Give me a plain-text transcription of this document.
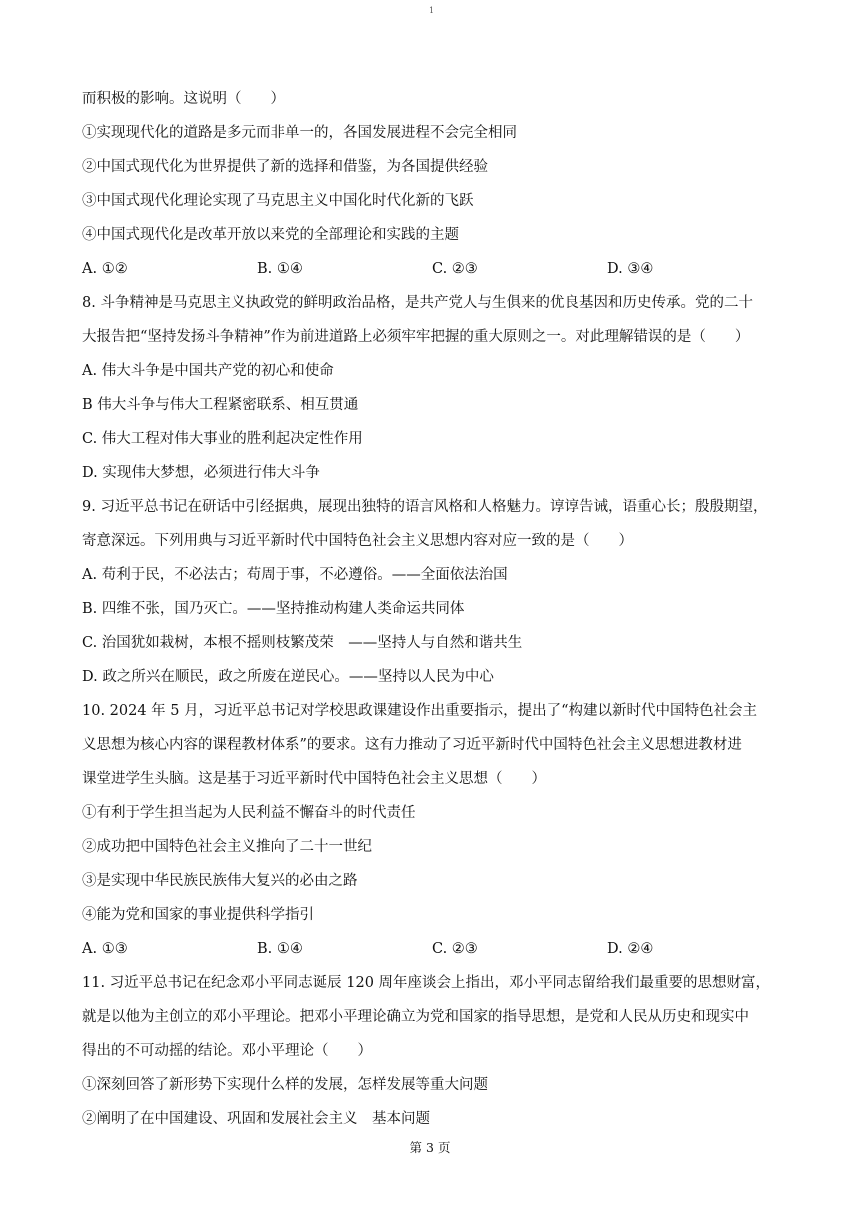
1
而积极的影响。这说明（　　）
①实现现代化的道路是多元而非单一的，各国发展进程不会完全相同
②中国式现代化为世界提供了新的选择和借鉴，为各国提供经验
③中国式现代化理论实现了马克思主义中国化时代化新的飞跃
④中国式现代化是改革开放以来党的全部理论和实践的主题
A. ①②	B. ①④	C. ②③	D. ③④
8. 斗争精神是马克思主义执政党的鲜明政治品格，是共产党人与生俱来的优良基因和历史传承。党的二十
大报告把“坚持发扬斗争精神”作为前进道路上必须牢牢把握的重大原则之一。对此理解错误的是（　　）
A. 伟大斗争是中国共产党的初心和使命
B 伟大斗争与伟大工程紧密联系、相互贯通
C. 伟大工程对伟大事业的胜利起决定性作用
D. 实现伟大梦想，必须进行伟大斗争
9. 习近平总书记在研话中引经据典，展现出独特的语言风格和人格魅力。谆谆告诫，语重心长；殷殷期望，
寄意深远。下列用典与习近平新时代中国特色社会主义思想内容对应一致的是（　　）
A. 苟利于民，不必法古；苟周于事，不必遵俗。——全面依法治国
B. 四维不张，国乃灭亡。——坚持推动构建人类命运共同体
C. 治国犹如栽树，本根不摇则枝繁茂荣　——坚持人与自然和谐共生
D. 政之所兴在顺民，政之所废在逆民心。——坚持以人民为中心
10. 2024 年 5 月，习近平总书记对学校思政课建设作出重要指示，提出了“构建以新时代中国特色社会主
义思想为核心内容的课程教材体系”的要求。这有力推动了习近平新时代中国特色社会主义思想进教材进
课堂进学生头脑。这是基于习近平新时代中国特色社会主义思想（　　）
①有利于学生担当起为人民利益不懈奋斗的时代责任
②成功把中国特色社会主义推向了二十一世纪
③是实现中华民族民族伟大复兴的必由之路
④能为党和国家的事业提供科学指引
A. ①③	B. ①④	C. ②③	D. ②④
11. 习近平总书记在纪念邓小平同志诞辰 120 周年座谈会上指出，邓小平同志留给我们最重要的思想财富，
就是以他为主创立的邓小平理论。把邓小平理论确立为党和国家的指导思想，是党和人民从历史和现实中
得出的不可动摇的结论。邓小平理论（　　）
①深刻回答了新形势下实现什么样的发展，怎样发展等重大问题
②阐明了在中国建设、巩固和发展社会主义　基本问题
第 3 页
